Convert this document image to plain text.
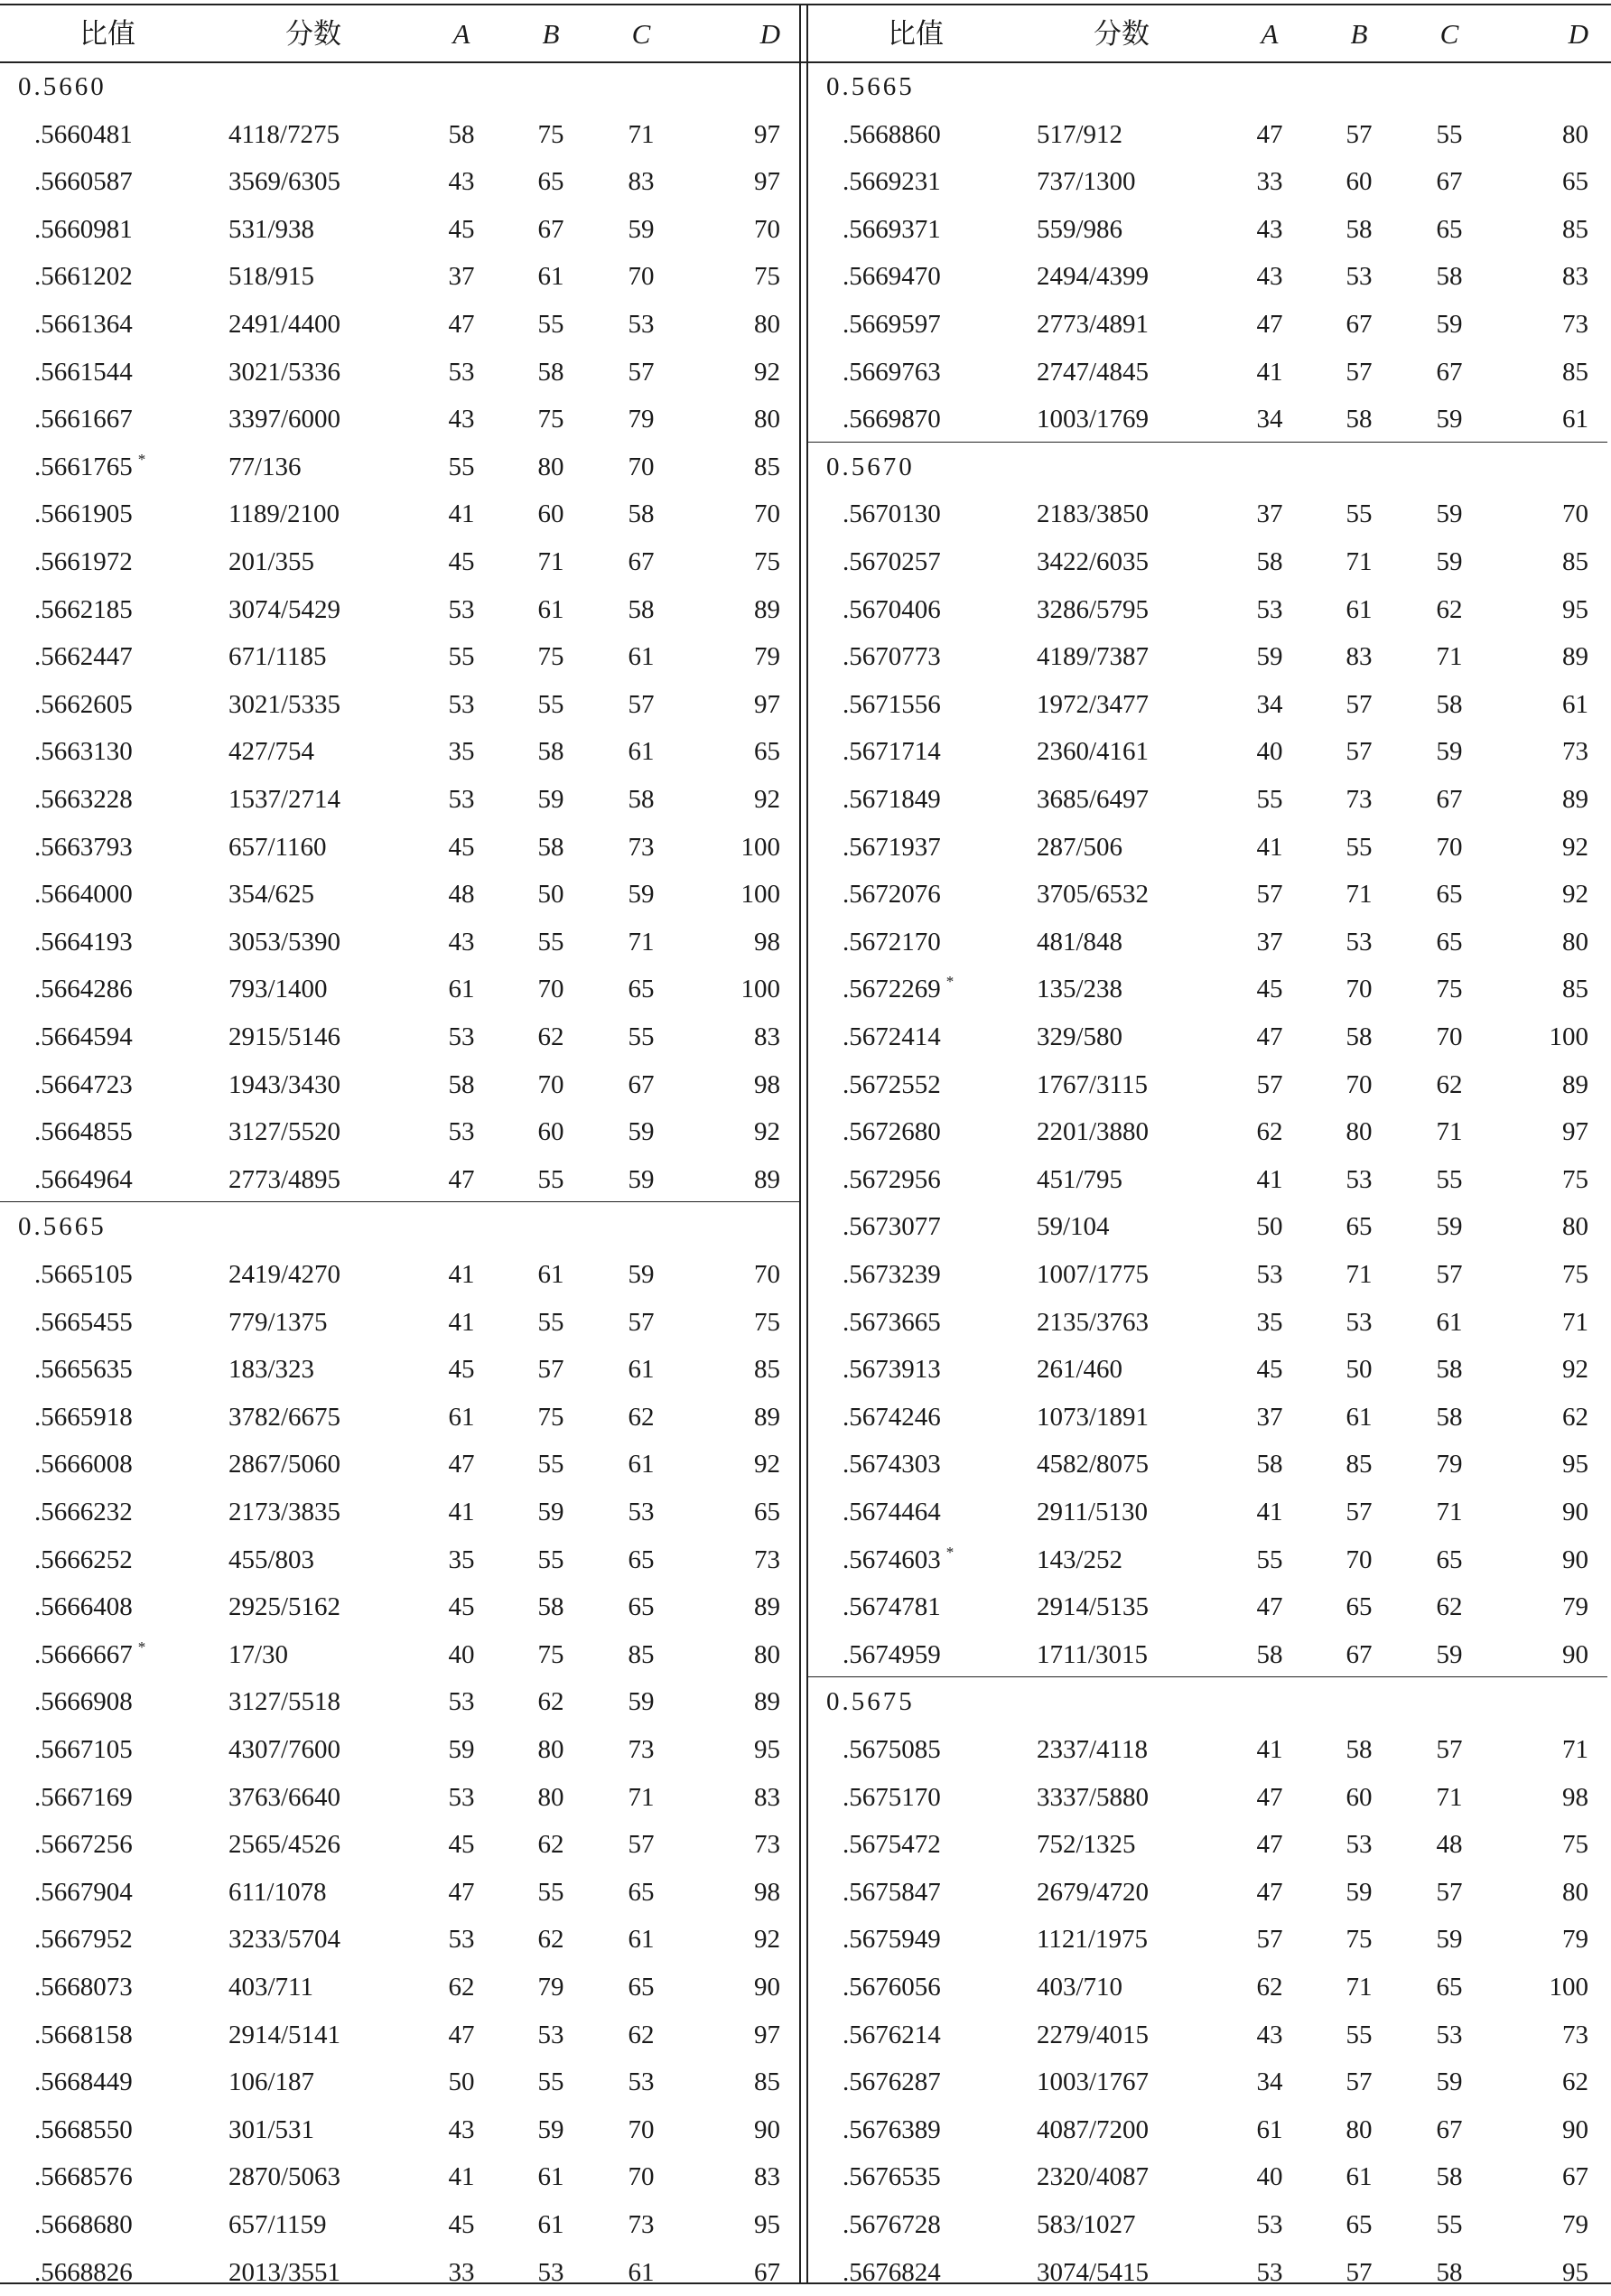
比值	分数	A	B	C	D
0.5660
.5660481	4118/7275	58 75 71	97
.5660587	3569/6305	43 65 83	97
.5660981	531/938	45 67 59	70
.5661202	518/915	37 61 70	75
.5661364	2491/4400	47 55 53	80
.5661544	3021/5336	53 58 57	92
.5661667	3397/6000	43 75 79	80
.5661765 *	77/136	55 80 70	85
.5661905	1189/2100	41 60 58	70
.5661972	201/355	45 71 67	75
.5662185	3074/5429	53 61 58	89
.5662447	671/1185	55 75 61	79
.5662605	3021/5335	53 55 57	97
.5663130	427/754	35 58 61	65
.5663228	1537/2714	53 59 58	92
.5663793	657/1160	45 58 73	100
.5664000	354/625	48 50 59	100
.5664193	3053/5390	43 55 71	98
.5664286	793/1400	61 70 65	100
.5664594	2915/5146	53 62 55	83
.5664723	1943/3430	58 70 67	98
.5664855	3127/5520	53 60 59	92
.5664964	2773/4895	47 55 59	89
0.5665
.5665105	2419/4270	41 61 59	70
.5665455	779/1375	41 55 57	75
.5665635	183/323	45 57 61	85
.5665918	3782/6675	61 75 62	89
.5666008	2867/5060	47 55 61	92
.5666232	2173/3835	41 59 53	65
.5666252	455/803	35 55 65	73
.5666408	2925/5162	45 58 65	89
.5666667 *	17/30	40 75 85	80
.5666908	3127/5518	53 62 59	89
.5667105	4307/7600	59 80 73	95
.5667169	3763/6640	53 80 71	83
.5667256	2565/4526	45 62 57	73
.5667904	611/1078	47 55 65	98
.5667952	3233/5704	53 62 61	92
.5668073	403/711	62 79 65	90
.5668158	2914/5141	47 53 62	97
.5668449	106/187	50 55 53	85
.5668550	301/531	43 59 70	90
.5668576	2870/5063	41 61 70	83
.5668680	657/1159	45 61 73	95
.5668826	2013/3551	33 53 61	67
比值	分数	A	B	C	D
0.5665
.5668860	517/912	47 57 55	80
.5669231	737/1300	33 60 67	65
.5669371	559/986	43 58 65	85
.5669470	2494/4399	43 53 58	83
.5669597	2773/4891	47 67 59	73
.5669763	2747/4845	41 57 67	85
.5669870	1003/1769	34 58 59	61
0.5670
.5670130	2183/3850	37 55 59	70
.5670257	3422/6035	58 71 59	85
.5670406	3286/5795	53 61 62	95
.5670773	4189/7387	59 83 71	89
.5671556	1972/3477	34 57 58	61
.5671714	2360/4161	40 57 59	73
.5671849	3685/6497	55 73 67	89
.5671937	287/506	41 55 70	92
.5672076	3705/6532	57 71 65	92
.5672170	481/848	37 53 65	80
.5672269 *	135/238	45 70 75	85
.5672414	329/580	47 58 70	100
.5672552	1767/3115	57 70 62	89
.5672680	2201/3880	62 80 71	97
.5672956	451/795	41 53 55	75
.5673077	59/104	50 65 59	80
.5673239	1007/1775	53 71 57	75
.5673665	2135/3763	35 53 61	71
.5673913	261/460	45 50 58	92
.5674246	1073/1891	37 61 58	62
.5674303	4582/8075	58 85 79	95
.5674464	2911/5130	41 57 71	90
.5674603 *	143/252	55 70 65	90
.5674781	2914/5135	47 65 62	79
.5674959	1711/3015	58 67 59	90
0.5675
.5675085	2337/4118	41 58 57	71
.5675170	3337/5880	47 60 71	98
.5675472	752/1325	47 53 48	75
.5675847	2679/4720	47 59 57	80
.5675949	1121/1975	57 75 59	79
.5676056	403/710	62 71 65	100
.5676214	2279/4015	43 55 53	73
.5676287	1003/1767	34 57 59	62
.5676389	4087/7200	61 80 67	90
.5676535	2320/4087	40 61 58	67
.5676728	583/1027	53 65 55	79
.5676824	3074/5415	53 57 58	95
